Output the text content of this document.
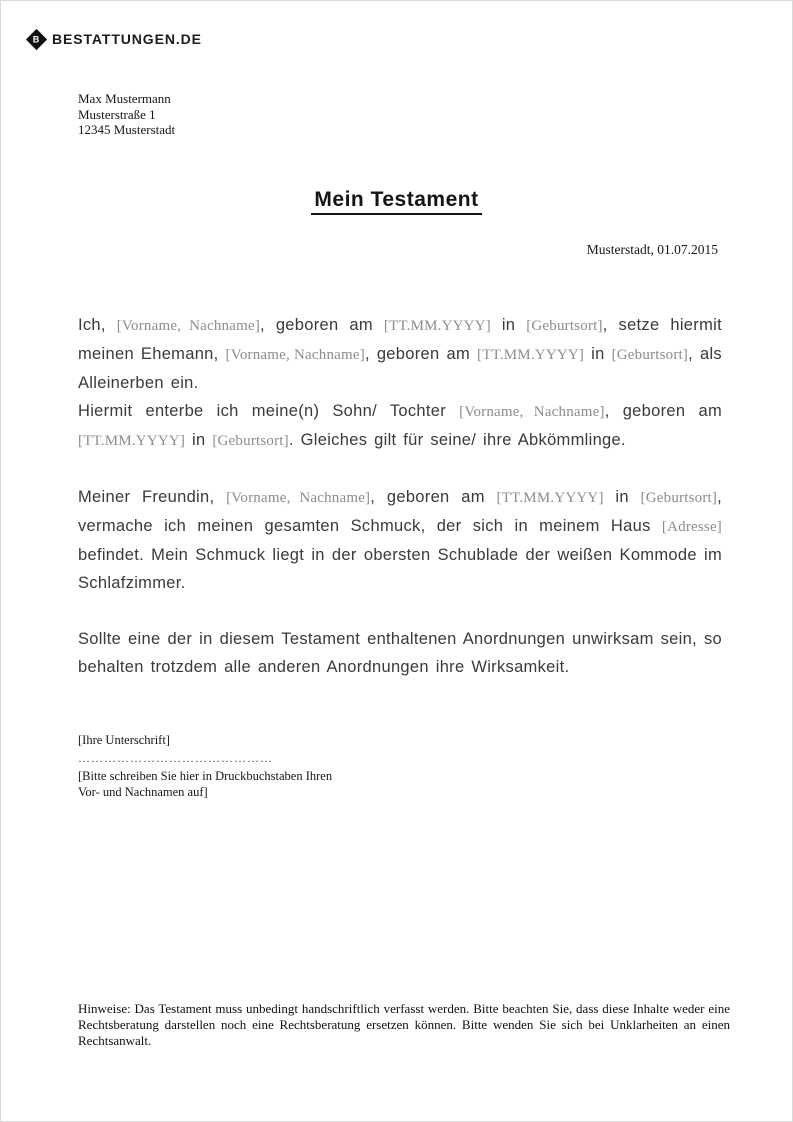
B BESTATTUNGEN.DE
Max Mustermann
Musterstraße 1
12345 Musterstadt
Mein Testament
Musterstadt, 01.07.2015

Ich, [Vorname, Nachname], geboren am [TT.MM.YYYY] in [Geburtsort], setze hiermit meinen Ehemann, [Vorname, Nachname], geboren am [TT.MM.YYYY] in [Geburtsort], als Alleinerben ein.

Hiermit enterbe ich meine(n) Sohn/ Tochter [Vorname, Nachname], geboren am [TT.MM.YYYY] in [Geburtsort]. Gleiches gilt für seine/ ihre Abkömmlinge.

Meiner Freundin, [Vorname, Nachname], geboren am [TT.MM.YYYY] in [Geburtsort], vermache ich meinen gesamten Schmuck, der sich in meinem Haus [Adresse] befindet. Mein Schmuck liegt in der obersten Schublade der weißen Kommode im Schlafzimmer.

Sollte eine der in diesem Testament enthaltenen Anordnungen unwirksam sein, so behalten trotzdem alle anderen Anordnungen ihre Wirksamkeit.

[Ihre Unterschrift]
………………………………………
[Bitte schreiben Sie hier in Druckbuchstaben Ihren
Vor- und Nachnamen auf]
Hinweise: Das Testament muss unbedingt handschriftlich verfasst werden. Bitte beachten Sie, dass diese Inhalte weder eine Rechtsberatung darstellen noch eine Rechtsberatung ersetzen können. Bitte wenden Sie sich bei Unklarheiten an einen Rechtsanwalt.
